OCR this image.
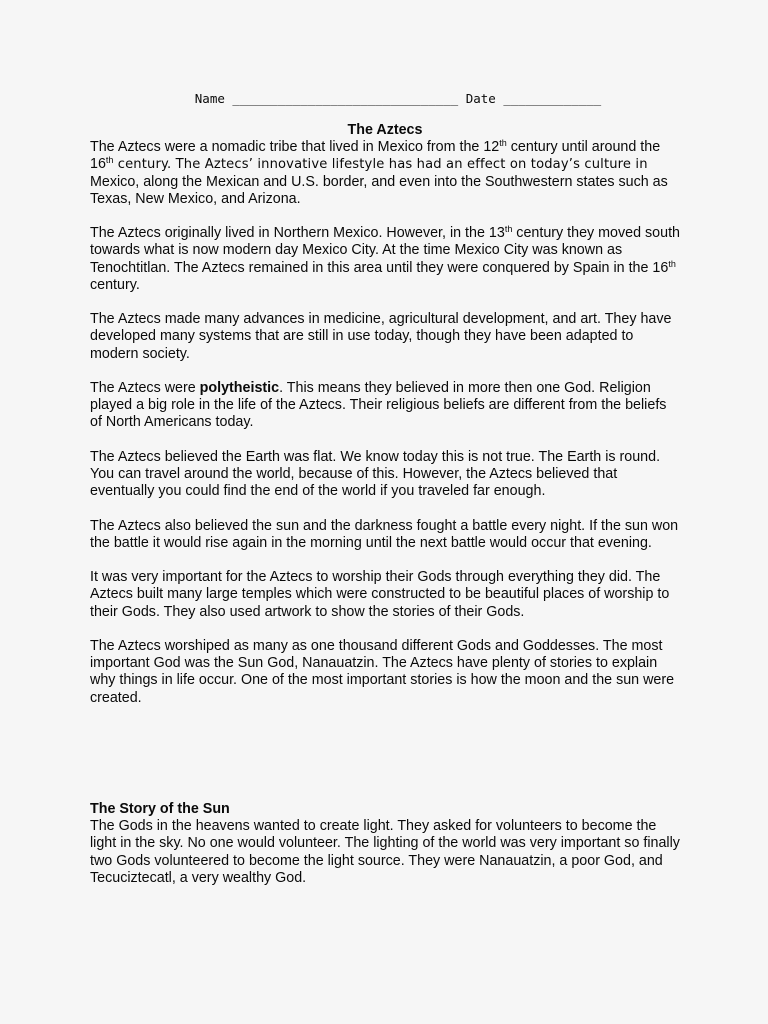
Name ______________________________ Date _____________
The Aztecs

The Aztecs were a nomadic tribe that lived in Mexico from the 12th century until around the 16th century. The Aztecs’ innovative lifestyle has had an effect on today’s culture in Mexico, along the Mexican and U.S. border, and even into the Southwestern states such as Texas, New Mexico, and Arizona.

The Aztecs originally lived in Northern Mexico. However, in the 13th century they moved south towards what is now modern day Mexico City. At the time Mexico City was known as Tenochtitlan. The Aztecs remained in this area until they were conquered by Spain in the 16th century.

The Aztecs made many advances in medicine, agricultural development, and art. They have developed many systems that are still in use today, though they have been adapted to modern society.

The Aztecs were polytheistic. This means they believed in more then one God. Religion played a big role in the life of the Aztecs. Their religious beliefs are different from the beliefs of North Americans today.

The Aztecs believed the Earth was flat. We know today this is not true. The Earth is round. You can travel around the world, because of this. However, the Aztecs believed that eventually you could find the end of the world if you traveled far enough.

The Aztecs also believed the sun and the darkness fought a battle every night. If the sun won the battle it would rise again in the morning until the next battle would occur that evening.

It was very important for the Aztecs to worship their Gods through everything they did. The Aztecs built many large temples which were constructed to be beautiful places of worship to their Gods. They also used artwork to show the stories of their Gods.

The Aztecs worshiped as many as one thousand different Gods and Goddesses. The most important God was the Sun God, Nanauatzin. The Aztecs have plenty of stories to explain why things in life occur. One of the most important stories is how the moon and the sun were created.

The Story of the Sun

The Gods in the heavens wanted to create light. They asked for volunteers to become the light in the sky. No one would volunteer. The lighting of the world was very important so finally two Gods volunteered to become the light source. They were Nanauatzin, a poor God, and Tecuciztecatl, a very wealthy God.
